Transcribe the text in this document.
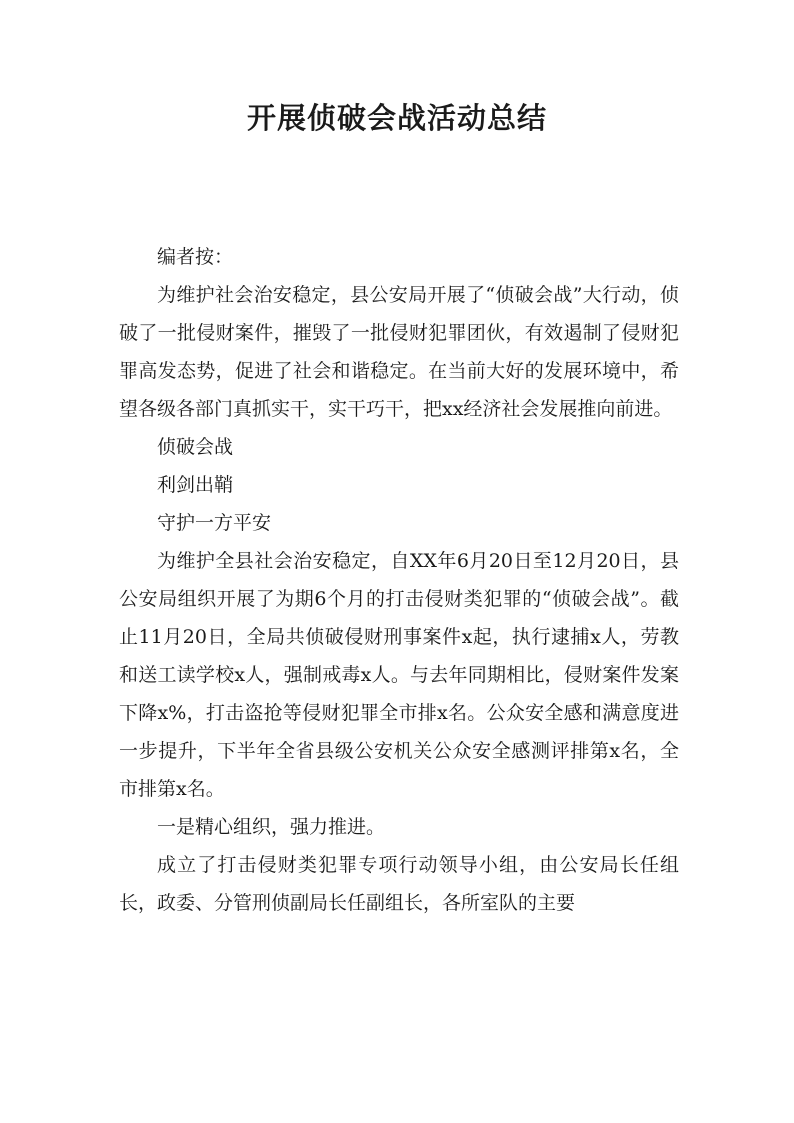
开展侦破会战活动总结

编者按：

为维护社会治安稳定，县公安局开展了“侦破会战”大行动，侦破了一批侵财案件，摧毁了一批侵财犯罪团伙，有效遏制了侵财犯罪高发态势，促进了社会和谐稳定。在当前大好的发展环境中，希望各级各部门真抓实干，实干巧干，把xx经济社会发展推向前进。

侦破会战

利剑出鞘

守护一方平安

为维护全县社会治安稳定，自XX年6月20日至12月20日，县公安局组织开展了为期6个月的打击侵财类犯罪的“侦破会战”。截止11月20日，全局共侦破侵财刑事案件x起，执行逮捕x人，劳教和送工读学校x人，强制戒毒x人。与去年同期相比，侵财案件发案下降x%，打击盗抢等侵财犯罪全市排x名。公众安全感和满意度进一步提升，下半年全省县级公安机关公众安全感测评排第x名，全市排第x名。

一是精心组织，强力推进。

成立了打击侵财类犯罪专项行动领导小组，由公安局长任组长，政委、分管刑侦副局长任副组长，各所室队的主要
